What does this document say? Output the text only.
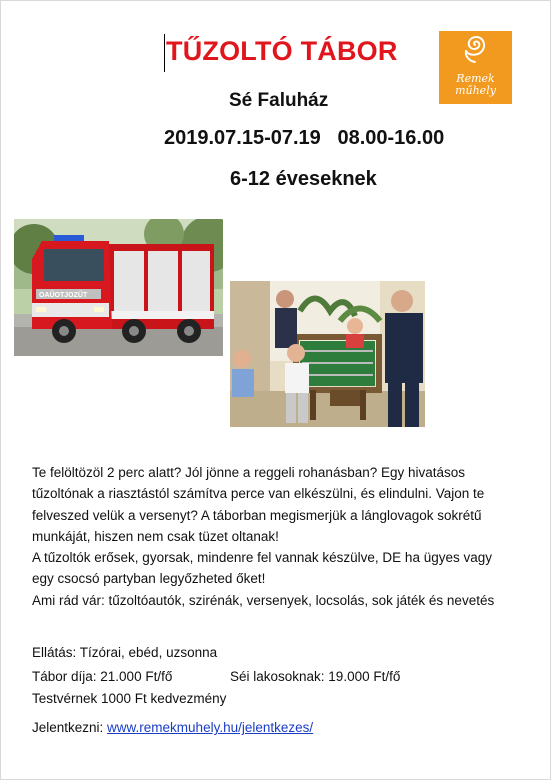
TŰZOLTÓ TÁBOR
Remek
műhely
Sé Faluház
2019.07.15-07.19   08.00-16.00
6-12 éveseknek
OAŰOTJOZŰT

Te felöltözöl 2 perc alatt? Jól jönne a reggeli rohanásban? Egy hivatásos tűzoltónak a riasztástól számítva perce van elkészülni, és elindulni. Vajon te felveszed velük a versenyt? A táborban megismerjük a lánglovagok sokrétű munkáját, hiszen nem csak tüzet oltanak!

A tűzoltók erősek, gyorsak, mindenre fel vannak készülve, DE ha ügyes vagy egy csocsó partyban legyőzheted őket!

Ami rád vár: tűzoltóautók, szirénák, versenyek, locsolás, sok játék és nevetés

Ellátás: Tízórai, ebéd, uzsonna
Tábor díja: 21.000 Ft/fő	Séi lakosoknak: 19.000 Ft/fő
Testvérnek 1000 Ft kedvezmény
Jelentkezni: www.remekmuhely.hu/jelentkezes/
